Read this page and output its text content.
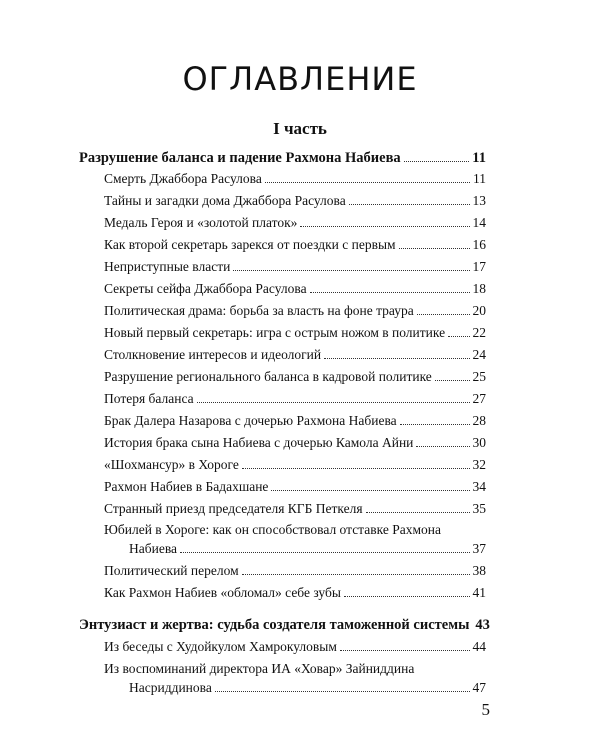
ОГЛАВЛЕНИЕ
I часть
Разрушение баланса и падение Рахмона Набиева	11
Смерть Джаббора Расулова	11
Тайны и загадки дома Джаббора Расулова	13
Медаль Героя и «золотой платок»	14
Как второй секретарь зарекся от поездки с первым	16
Неприступные власти	17
Секреты сейфа Джаббора Расулова	18
Политическая драма: борьба за власть на фоне траура	20
Новый первый секретарь: игра с острым ножом в политике 22
Столкновение интересов и идеологий	24
Разрушение регионального баланса в кадровой политике	25
Потеря баланса	27
Брак Далера Назарова с дочерью Рахмона Набиева	28
История брака сына Набиева с дочерью Камола Айни	30
«Шохмансур» в Хороге	32
Рахмон Набиев в Бадахшане	34
Странный приезд председателя КГБ Петкеля	35
Юбилей в Хороге: как он способствовал отставке Рахмона
Набиева	37
Политический перелом	38
Как Рахмон Набиев «обломал» себе зубы	41
Энтузиаст и жертва: судьба создателя таможенной системы 43
Из беседы с Худойкулом Хамрокуловым	44
Из воспоминаний директора ИА «Ховар» Зайниддина
Насриддинова	47
5
